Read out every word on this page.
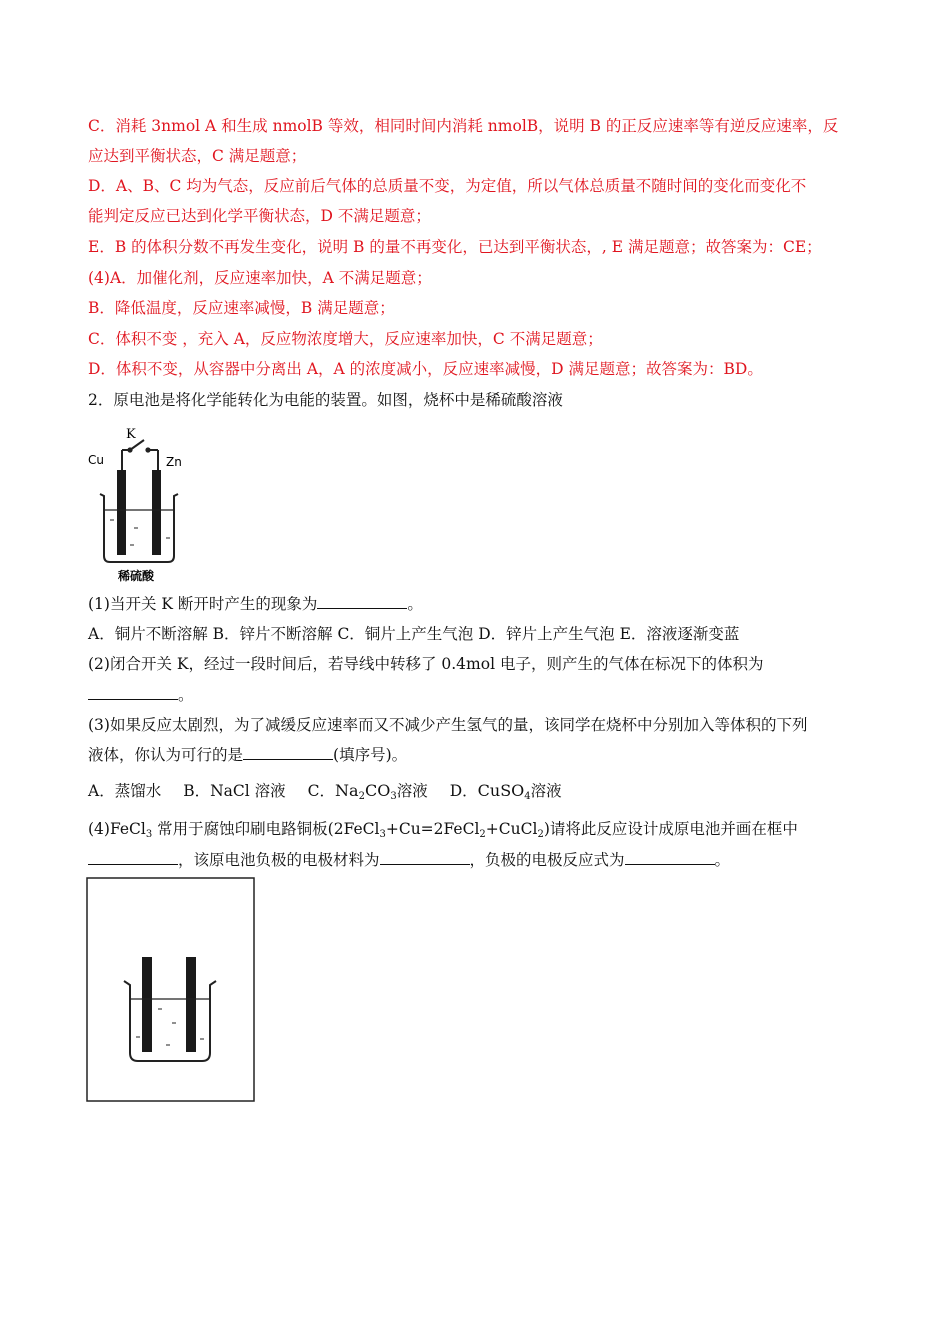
C．消耗 3nmol A 和生成 nmolB 等效，相同时间内消耗 nmolB，说明 B 的正反应速率等有逆反应速率，反
应达到平衡状态，C 满足题意；
D．A、B、C 均为气态，反应前后气体的总质量不变，为定值，所以气体总质量不随时间的变化而变化不
能判定反应已达到化学平衡状态，D 不满足题意；
E．B 的体积分数不再发生变化，说明 B 的量不再变化，已达到平衡状态，, E 满足题意；故答案为：CE；
(4)A．加催化剂，反应速率加快，A 不满足题意；
B．降低温度，反应速率减慢，B 满足题意；
C．体积不变 ，充入 A，反应物浓度增大，反应速率加快，C 不满足题意；
D．体积不变，从容器中分离出 A，A 的浓度减小，反应速率减慢，D 满足题意；故答案为：BD。
2．原电池是将化学能转化为电能的装置。如图，烧杯中是稀硫酸溶液
K
Cu	Zn
稀硫酸
(1)当开关 K 断开时产生的现象为	。
A．铜片不断溶解 B．锌片不断溶解 C．铜片上产生气泡 D．锌片上产生气泡 E．溶液逐渐变蓝
(2)闭合开关 K，经过一段时间后，若导线中转移了 0.4mol 电子，则产生的气体在标况下的体积为
。
(3)如果反应太剧烈，为了减缓反应速率而又不减少产生氢气的量，该同学在烧杯中分别加入等体积的下列
液体，你认为可行的是	(填序号)。
A．蒸馏水 B．NaCl 溶液 C．$Na_2CO_3$溶液 D．CuSO$_4$溶液
(4)FeCl$_3$ 常用于腐蚀印刷电路铜板(2FeCl$_3$+Cu=2FeCl$_2$+CuCl$_2$)请将此反应设计成原电池并画在框中
，该原电池负极的电极材料为	，负极的电极反应式为	。
